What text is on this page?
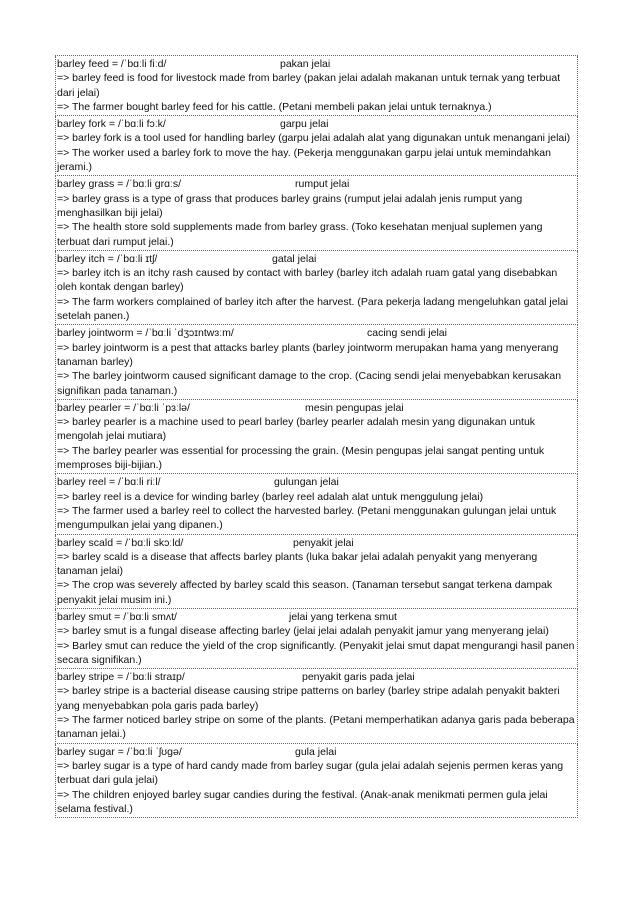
barley feed = /ˈbɑːli fiːd/	pakan jelai
=> barley feed is food for livestock made from barley (pakan jelai adalah makanan untuk ternak yang terbuat dari jelai)
=> The farmer bought barley feed for his cattle. (Petani membeli pakan jelai untuk ternaknya.)
barley fork = /ˈbɑːli fɔːk/	garpu jelai
=> barley fork is a tool used for handling barley (garpu jelai adalah alat yang digunakan untuk menangani jelai)
=> The worker used a barley fork to move the hay. (Pekerja menggunakan garpu jelai untuk memindahkan jerami.)
barley grass = /ˈbɑːli ɡrɑːs/	rumput jelai
=> barley grass is a type of grass that produces barley grains (rumput jelai adalah jenis rumput yang menghasilkan biji jelai)
=> The health store sold supplements made from barley grass. (Toko kesehatan menjual suplemen yang terbuat dari rumput jelai.)
barley itch = /ˈbɑːli ɪtʃ/	gatal jelai
=> barley itch is an itchy rash caused by contact with barley (barley itch adalah ruam gatal yang disebabkan oleh kontak dengan barley)
=> The farm workers complained of barley itch after the harvest. (Para pekerja ladang mengeluhkan gatal jelai setelah panen.)
barley jointworm = /ˈbɑːli ˈdʒɔɪntwɜːm/	cacing sendi jelai
=> barley jointworm is a pest that attacks barley plants (barley jointworm merupakan hama yang menyerang tanaman barley)
=> The barley jointworm caused significant damage to the crop. (Cacing sendi jelai menyebabkan kerusakan signifikan pada tanaman.)
barley pearler = /ˈbɑːli ˈpɜːlə/	mesin pengupas jelai
=> barley pearler is a machine used to pearl barley (barley pearler adalah mesin yang digunakan untuk mengolah jelai mutiara)
=> The barley pearler was essential for processing the grain. (Mesin pengupas jelai sangat penting untuk memproses biji-bijian.)
barley reel = /ˈbɑːli riːl/	gulungan jelai
=> barley reel is a device for winding barley (barley reel adalah alat untuk menggulung jelai)
=> The farmer used a barley reel to collect the harvested barley. (Petani menggunakan gulungan jelai untuk mengumpulkan jelai yang dipanen.)
barley scald = /ˈbɑːli skɔːld/	penyakit jelai
=> barley scald is a disease that affects barley plants (luka bakar jelai adalah penyakit yang menyerang tanaman jelai)
=> The crop was severely affected by barley scald this season. (Tanaman tersebut sangat terkena dampak penyakit jelai musim ini.)
barley smut = /ˈbɑːli smʌt/	jelai yang terkena smut
=> barley smut is a fungal disease affecting barley (jelai jelai adalah penyakit jamur yang menyerang jelai)
=> Barley smut can reduce the yield of the crop significantly. (Penyakit jelai smut dapat mengurangi hasil panen secara signifikan.)
barley stripe = /ˈbɑːli straɪp/	penyakit garis pada jelai
=> barley stripe is a bacterial disease causing stripe patterns on barley (barley stripe adalah penyakit bakteri yang menyebabkan pola garis pada barley)
=> The farmer noticed barley stripe on some of the plants. (Petani memperhatikan adanya garis pada beberapa tanaman jelai.)
barley sugar = /ˈbɑːli ˈʃʊɡə/	gula jelai
=> barley sugar is a type of hard candy made from barley sugar (gula jelai adalah sejenis permen keras yang terbuat dari gula jelai)
=> The children enjoyed barley sugar candies during the festival. (Anak-anak menikmati permen gula jelai selama festival.)
